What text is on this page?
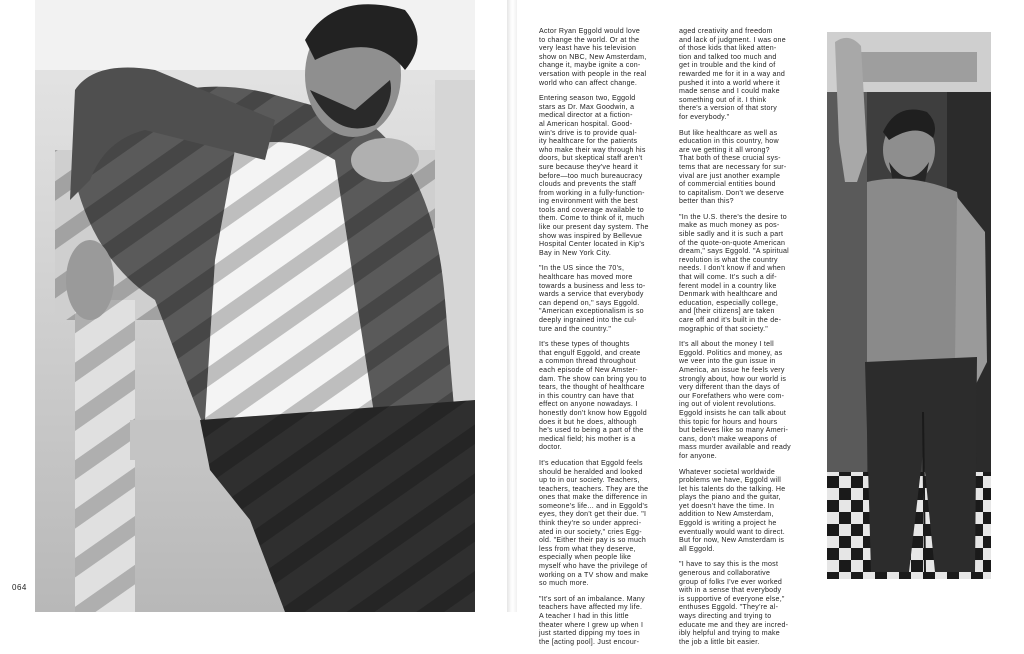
064

Actor Ryan Eggold would love
to change the world. Or at the
very least have his television
show on NBC, New Amsterdam,
change it, maybe ignite a con-
versation with people in the real
world who can affect change.

Entering season two, Eggold
stars as Dr. Max Goodwin, a
medical director at a fiction-
al American hospital. Good-
win's drive is to provide qual-
ity healthcare for the patients
who make their way through his
doors, but skeptical staff aren't
sure because they've heard it
before—too much bureaucracy
clouds and prevents the staff
from working in a fully-function-
ing environment with the best
tools and coverage available to
them. Come to think of it, much
like our present day system. The
show was inspired by Bellevue
Hospital Center located in Kip's
Bay in New York City.

"In the US since the 70's,
healthcare has moved more
towards a business and less to-
wards a service that everybody
can depend on," says Eggold.
"American exceptionalism is so
deeply ingrained into the cul-
ture and the country."

It's these types of thoughts
that engulf Eggold, and create
a common thread throughout
each episode of New Amster-
dam. The show can bring you to
tears, the thought of healthcare
in this country can have that
effect on anyone nowadays. I
honestly don't know how Eggold
does it but he does, although
he's used to being a part of the
medical field; his mother is a
doctor.

It's education that Eggold feels
should be heralded and looked
up to in our society. Teachers,
teachers, teachers. They are the
ones that make the difference in
someone's life... and in Eggold's
eyes, they don't get their due. "I
think they're so under appreci-
ated in our society," cries Egg-
old. "Either their pay is so much
less from what they deserve,
especially when people like
myself who have the privilege of
working on a TV show and make
so much more.

"It's sort of an imbalance. Many
teachers have affected my life.
A teacher I had in this little
theater where I grew up when I
just started dipping my toes in
the [acting pool]. Just encour-

aged creativity and freedom
and lack of judgment. I was one
of those kids that liked atten-
tion and talked too much and
get in trouble and the kind of
rewarded me for it in a way and
pushed it into a world where it
made sense and I could make
something out of it. I think
there's a version of that story
for everybody."

But like healthcare as well as
education in this country, how
are we getting it all wrong?
That both of these crucial sys-
tems that are necessary for sur-
vival are just another example
of commercial entities bound
to capitalism. Don't we deserve
better than this?

"In the U.S. there's the desire to
make as much money as pos-
sible sadly and it is such a part
of the quote-on-quote American
dream," says Eggold. "A spiritual
revolution is what the country
needs. I don't know if and when
that will come. It's such a dif-
ferent model in a country like
Denmark with healthcare and
education, especially college,
and [their citizens] are taken
care off and it's built in the de-
mographic of that society."

It's all about the money I tell
Eggold. Politics and money, as
we veer into the gun issue in
America, an issue he feels very
strongly about, how our world is
very different than the days of
our Forefathers who were com-
ing out of violent revolutions.
Eggold insists he can talk about
this topic for hours and hours
but believes like so many Ameri-
cans, don't make weapons of
mass murder available and ready
for anyone.

Whatever societal worldwide
problems we have, Eggold will
let his talents do the talking. He
plays the piano and the guitar,
yet doesn't have the time. In
addition to New Amsterdam,
Eggold is writing a project he
eventually would want to direct.
But for now, New Amsterdam is
all Eggold.

"I have to say this is the most
generous and collaborative
group of folks I've ever worked
with in a sense that everybody
is supportive of everyone else,"
enthuses Eggold. "They're al-
ways directing and trying to
educate me and they are incred-
ibly helpful and trying to make
the job a little bit easier.
